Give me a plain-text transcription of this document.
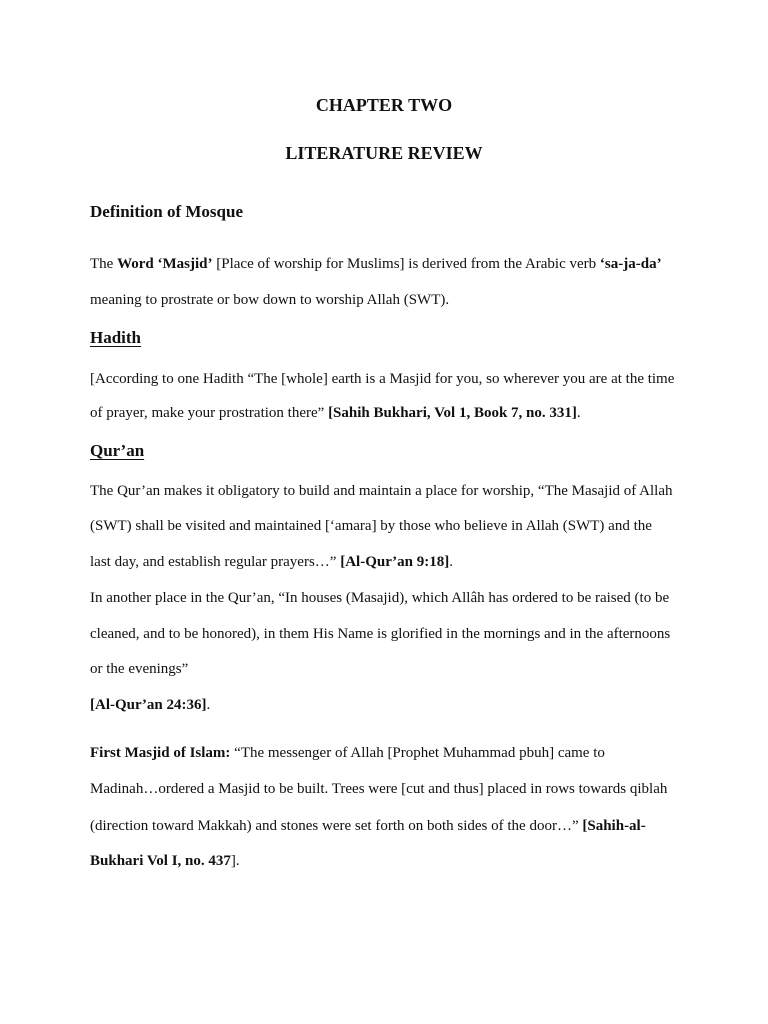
CHAPTER TWO
LITERATURE REVIEW
Definition of Mosque
The Word ‘Masjid’ [Place of worship for Muslims] is derived from the Arabic verb ‘sa-ja-da’
meaning to prostrate or bow down to worship Allah (SWT).
Hadith
[According to one Hadith “The [whole] earth is a Masjid for you, so wherever you are at the time
of prayer, make your prostration there” [Sahih Bukhari, Vol 1, Book 7, no. 331].
Qur’an
The Qur’an makes it obligatory to build and maintain a place for worship, “The Masajid of Allah
(SWT) shall be visited and maintained [‘amara] by those who believe in Allah (SWT) and the
last day, and establish regular prayers…” [Al-Qur’an 9:18].
In another place in the Qur’an, “In houses (Masajid), which Allâh has ordered to be raised (to be
cleaned, and to be honored), in them His Name is glorified in the mornings and in the afternoons
or the evenings”
[Al-Qur’an 24:36].
First Masjid of Islam: “The messenger of Allah [Prophet Muhammad pbuh] came to
Madinah…ordered a Masjid to be built. Trees were [cut and thus] placed in rows towards qiblah
(direction toward Makkah) and stones were set forth on both sides of the door…” [Sahih-al-
Bukhari Vol I, no. 437].
